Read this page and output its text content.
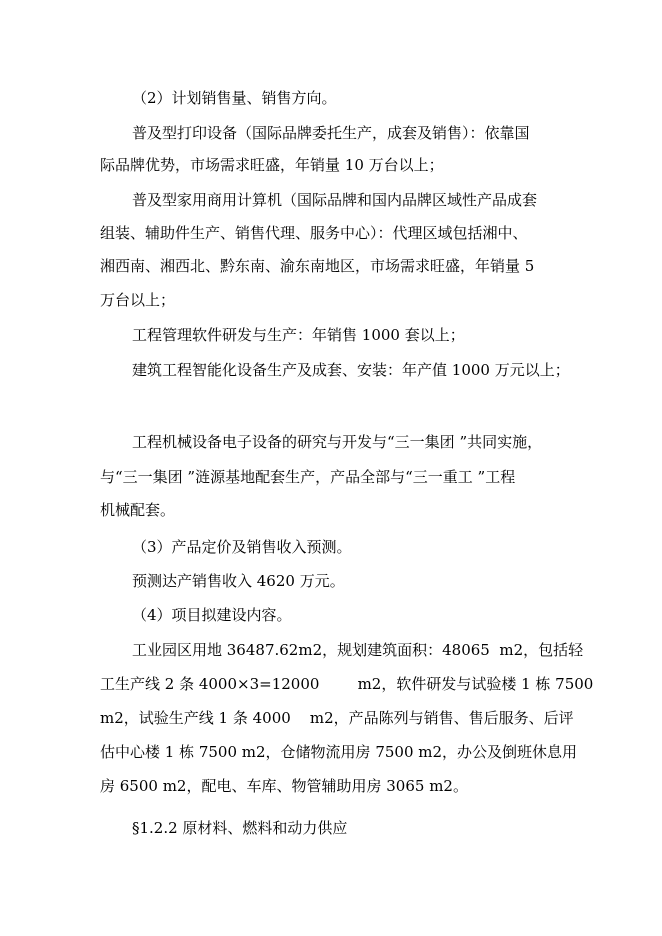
（2）计划销售量、销售方向。
普及型打印设备（国际品牌委托生产，成套及销售）：依靠国
际品牌优势，市场需求旺盛，年销量 10 万台以上；
普及型家用商用计算机（国际品牌和国内品牌区域性产品成套
组装、辅助件生产、销售代理、服务中心）：代理区域包括湘中、
湘西南、湘西北、黔东南、渝东南地区，市场需求旺盛，年销量 5
万台以上；
工程管理软件研发与生产：年销售 1000 套以上；
建筑工程智能化设备生产及成套、安装：年产值 1000 万元以上；
工程机械设备电子设备的研究与开发与“三一集团 ”共同实施，
与“三一集团 ”涟源基地配套生产，产品全部与“三一重工 ”工程
机械配套。
（3）产品定价及销售收入预测。
预测达产销售收入 4620 万元。
（4）项目拟建设内容。
工业园区用地 36487.62m2，规划建筑面积：48065  m2，包括轻
工生产线 2 条 4000×3=12000        m2，软件研发与试验楼 1 栋 7500
m2，试验生产线 1 条 4000    m2，产品陈列与销售、售后服务、后评
估中心楼 1 栋 7500 m2，仓储物流用房 7500 m2，办公及倒班休息用
房 6500 m2，配电、车库、物管辅助用房 3065 m2。
§1.2.2 原材料、燃料和动力供应
